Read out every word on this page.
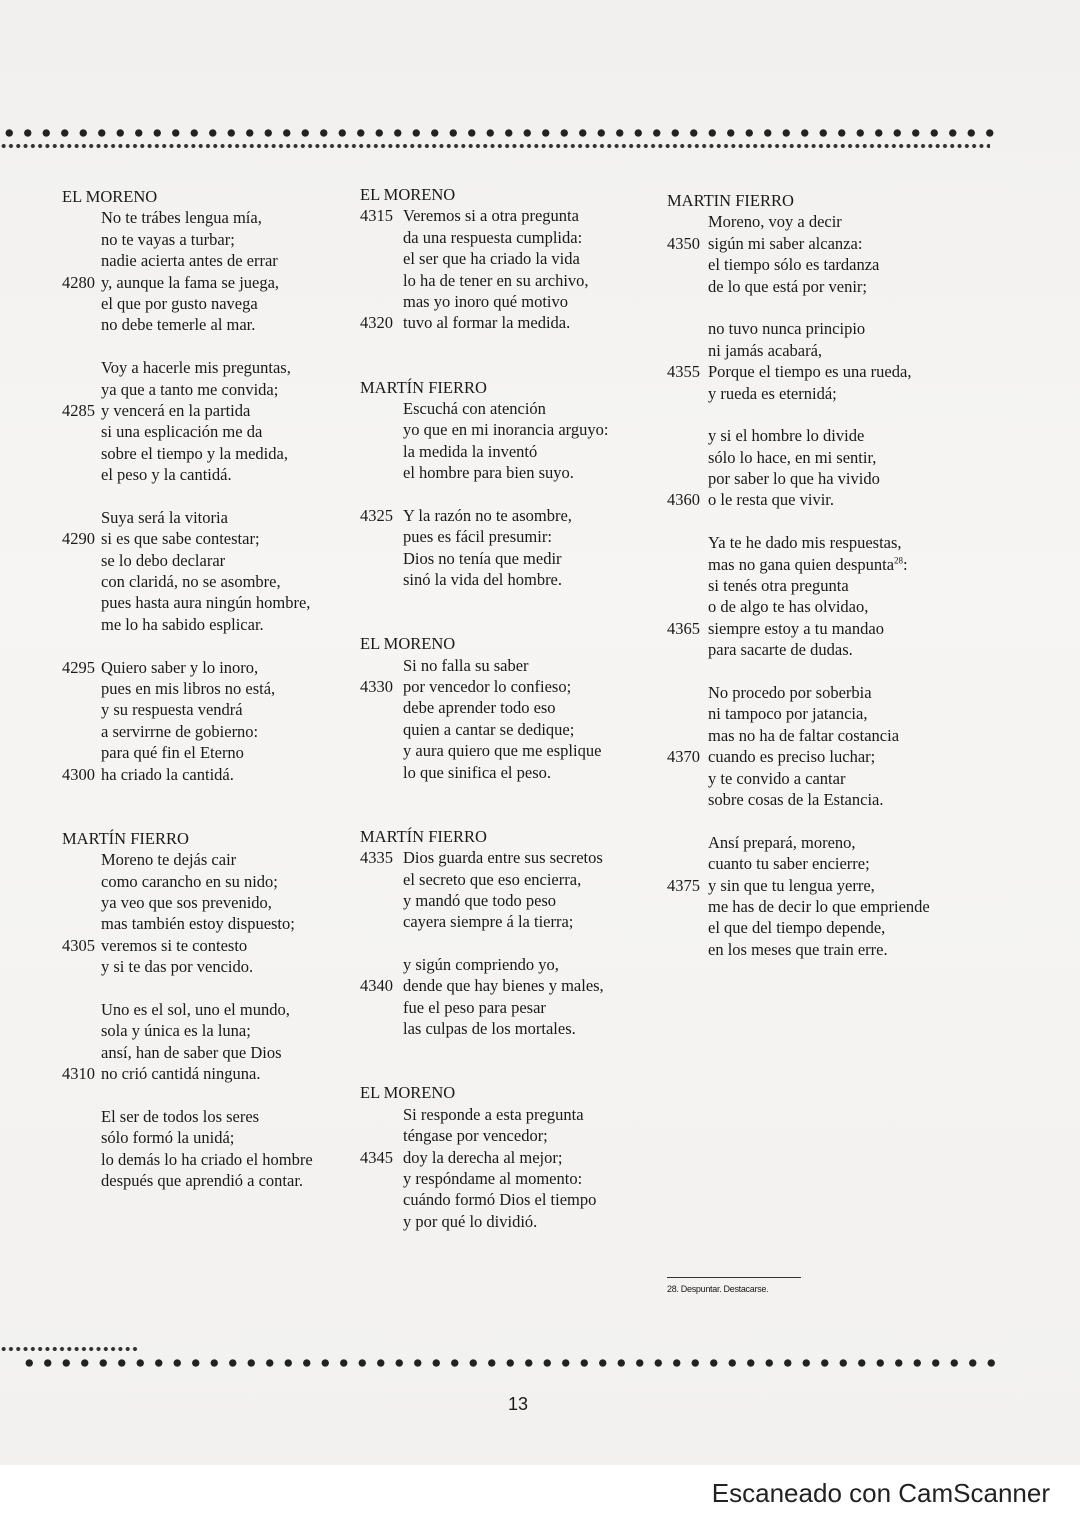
EL MORENO
No te trábes lengua mía,
no te vayas a turbar;
nadie acierta antes de errar
4280 y, aunque la fama se juega,
el que por gusto navega
no debe temerle al mar.
Voy a hacerle mis preguntas,
ya que a tanto me convida;
4285 y vencerá en la partida
si una esplicación me da
sobre el tiempo y la medida,
el peso y la cantidá.
Suya será la vitoria
4290 si es que sabe contestar;
se lo debo declarar
con claridá, no se asombre,
pues hasta aura ningún hombre,
me lo ha sabido esplicar.
4295 Quiero saber y lo inoro,
pues en mis libros no está,
y su respuesta vendrá
a servirrne de gobierno:
para qué fin el Eterno
4300 ha criado la cantidá.
MARTÍN FIERRO
Moreno te dejás cair
como carancho en su nido;
ya veo que sos prevenido,
mas también estoy dispuesto;
4305 veremos si te contesto
y si te das por vencido.
Uno es el sol, uno el mundo,
sola y única es la luna;
ansí, han de saber que Dios
4310 no crió cantidá ninguna.
El ser de todos los seres
sólo formó la unidá;
lo demás lo ha criado el hombre
después que aprendió a contar.
EL MORENO
4315 Veremos si a otra pregunta
da una respuesta cumplida:
el ser que ha criado la vida
lo ha de tener en su archivo,
mas yo inoro qué motivo
4320 tuvo al formar la medida.
MARTÍN FIERRO
Escuchá con atención
yo que en mi inorancia arguyo:
la medida la inventó
el hombre para bien suyo.
4325 Y la razón no te asombre,
pues es fácil presumir:
Dios no tenía que medir
sinó la vida del hombre.
EL MORENO
Si no falla su saber
4330 por vencedor lo confieso;
debe aprender todo eso
quien a cantar se dedique;
y aura quiero que me esplique
lo que sinifica el peso.
MARTÍN FIERRO
4335 Dios guarda entre sus secretos
el secreto que eso encierra,
y mandó que todo peso
cayera siempre á la tierra;
y sigún compriendo yo,
4340 dende que hay bienes y males,
fue el peso para pesar
las culpas de los mortales.
EL MORENO
Si responde a esta pregunta
téngase por vencedor;
4345 doy la derecha al mejor;
y respóndame al momento:
cuándo formó Dios el tiempo
y por qué lo dividió.
MARTIN FIERRO
Moreno, voy a decir
4350 sigún mi saber alcanza:
el tiempo sólo es tardanza
de lo que está por venir;
no tuvo nunca principio
ni jamás acabará,
4355 Porque el tiempo es una rueda,
y rueda es eternidá;
y si el hombre lo divide
sólo lo hace, en mi sentir,
por saber lo que ha vivido
4360 o le resta que vivir.
Ya te he dado mis respuestas,
mas no gana quien despunta$^{28}$:
si tenés otra pregunta
o de algo te has olvidao,
4365 siempre estoy a tu mandao
para sacarte de dudas.
No procedo por soberbia
ni tampoco por jatancia,
mas no ha de faltar costancia
4370 cuando es preciso luchar;
y te convido a cantar
sobre cosas de la Estancia.
Ansí prepará, moreno,
cuanto tu saber encierre;
4375 y sin que tu lengua yerre,
me has de decir lo que empriende
el que del tiempo depende,
en los meses que train erre.
28. Despuntar. Destacarse.
13
Escaneado con CamScanner
